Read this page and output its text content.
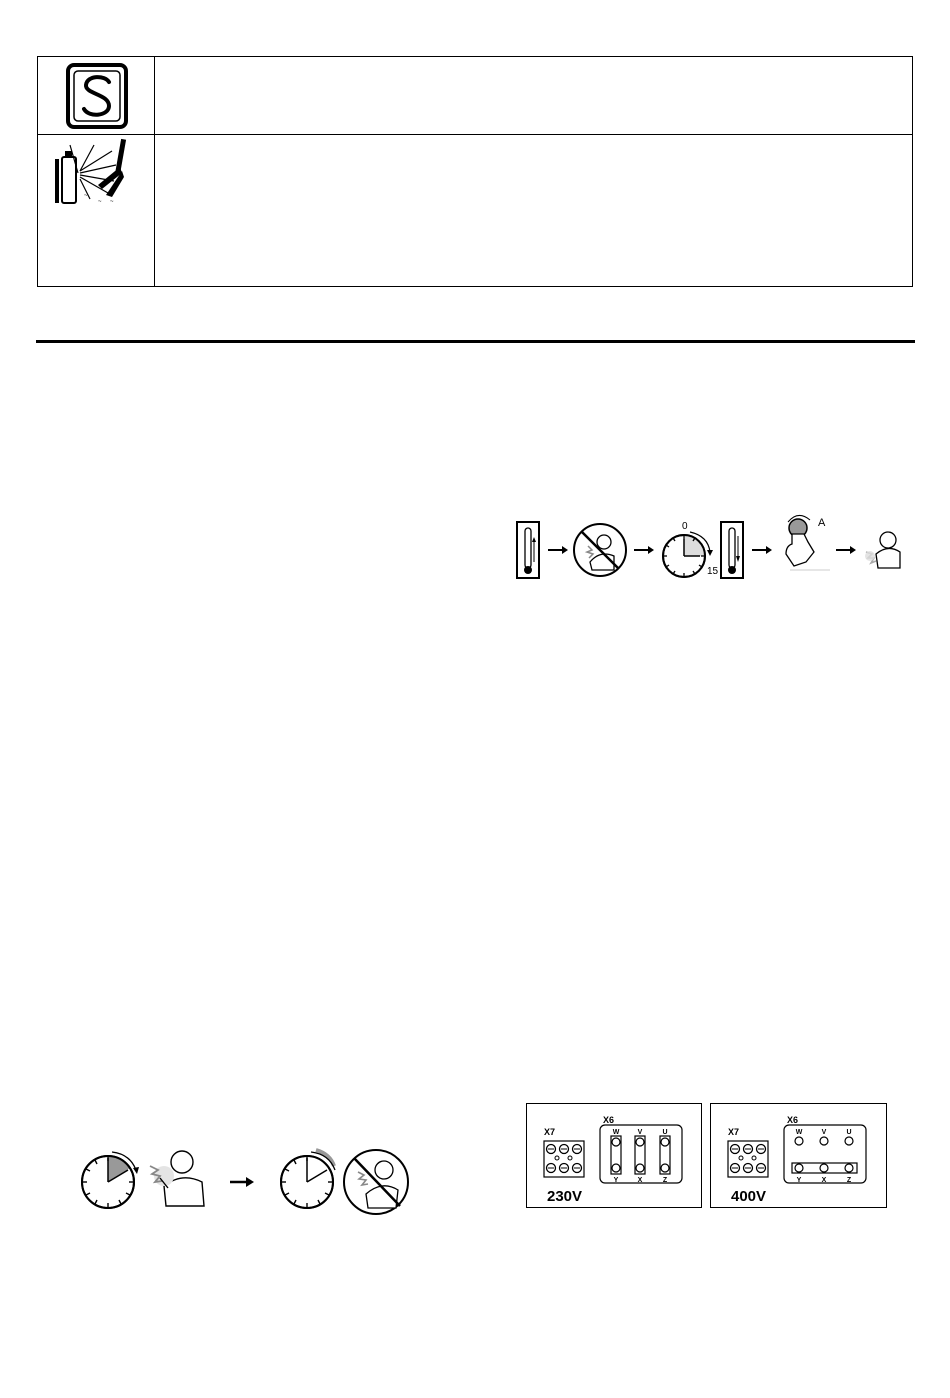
~
~ ~
0
15
A
X7
X6
W	V	U
Y	X	Z
230V
X7
X6
W	V	U
Y	X	Z
400V
